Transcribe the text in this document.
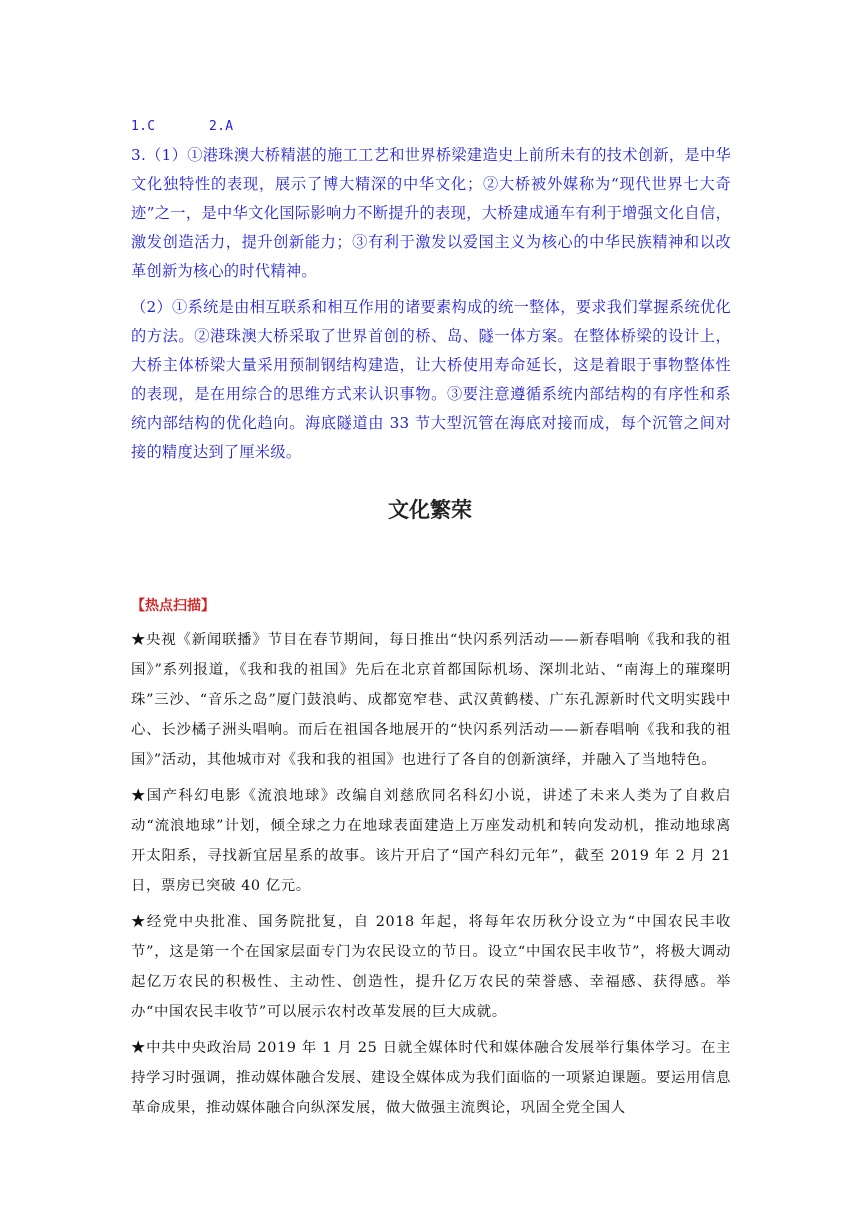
1.C	2.A

3.（1）①港珠澳大桥精湛的施工工艺和世界桥梁建造史上前所未有的技术创新，是中华文化独特性的表现，展示了博大精深的中华文化；②大桥被外媒称为“现代世界七大奇迹”之一，是中华文化国际影响力不断提升的表现，大桥建成通车有利于增强文化自信，激发创造活力，提升创新能力；③有利于激发以爱国主义为核心的中华民族精神和以改革创新为核心的时代精神。

（2）①系统是由相互联系和相互作用的诸要素构成的统一整体，要求我们掌握系统优化的方法。②港珠澳大桥采取了世界首创的桥、岛、隧一体方案。在整体桥梁的设计上，大桥主体桥梁大量采用预制钢结构建造，让大桥使用寿命延长，这是着眼于事物整体性的表现，是在用综合的思维方式来认识事物。③要注意遵循系统内部结构的有序性和系统内部结构的优化趋向。海底隧道由 33 节大型沉管在海底对接而成，每个沉管之间对接的精度达到了厘米级。

文化繁荣
【热点扫描】

★央视《新闻联播》节目在春节期间，每日推出“快闪系列活动——新春唱响《我和我的祖国》”系列报道，《我和我的祖国》先后在北京首都国际机场、深圳北站、“南海上的璀璨明珠”三沙、“音乐之岛”厦门鼓浪屿、成都宽窄巷、武汉黄鹤楼、广东孔源新时代文明实践中心、长沙橘子洲头唱响。而后在祖国各地展开的“快闪系列活动——新春唱响《我和我的祖国》”活动，其他城市对《我和我的祖国》也进行了各自的创新演绎，并融入了当地特色。

★国产科幻电影《流浪地球》改编自刘慈欣同名科幻小说，讲述了未来人类为了自救启动“流浪地球”计划，倾全球之力在地球表面建造上万座发动机和转向发动机，推动地球离开太阳系，寻找新宜居星系的故事。该片开启了“国产科幻元年”，截至 2019 年 2 月 21 日，票房已突破 40 亿元。

★经党中央批准、国务院批复，自 2018 年起，将每年农历秋分设立为“中国农民丰收节”，这是第一个在国家层面专门为农民设立的节日。设立“中国农民丰收节”，将极大调动起亿万农民的积极性、主动性、创造性，提升亿万农民的荣誉感、幸福感、获得感。举办“中国农民丰收节”可以展示农村改革发展的巨大成就。

★中共中央政治局 2019 年 1 月 25 日就全媒体时代和媒体融合发展举行集体学习。在主持学习时强调，推动媒体融合发展、建设全媒体成为我们面临的一项紧迫课题。要运用信息革命成果，推动媒体融合向纵深发展，做大做强主流舆论，巩固全党全国人
